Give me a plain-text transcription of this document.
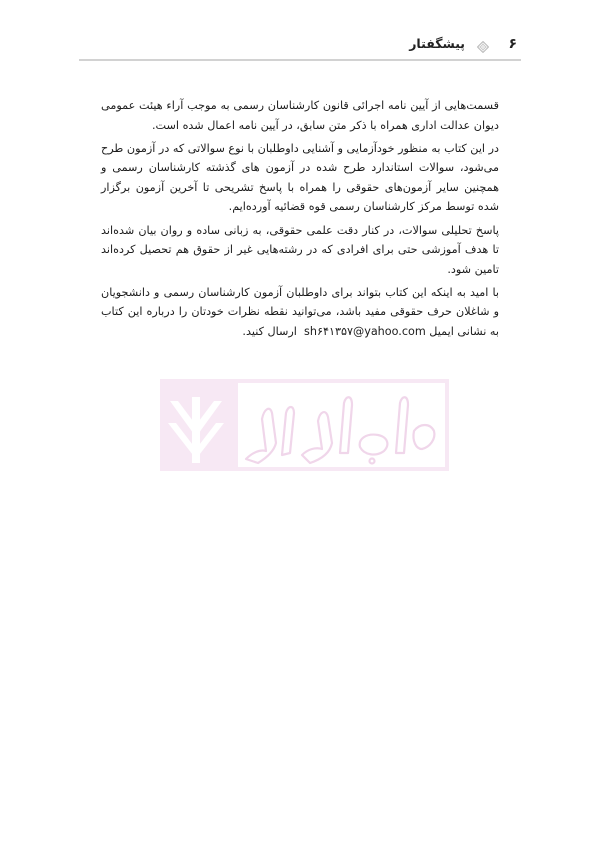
۶
پیشگفتار

قسمت‌هایی از آیین نامه اجرائی قانون کارشناسان رسمی به موجب آراء هیئت عمومی دیوان عدالت اداری همراه با ذکر متن سابق، در آیین نامه اعمال شده است.

در این کتاب به منظور خودآزمایی و آشنایی داوطلبان با نوع سوالاتی که در آزمون طرح می‌شود، سوالات استاندارد طرح شده در آزمون های گذشته کارشناسان رسمی و همچنین سایر آزمون‌های حقوقی را همراه با پاسخ تشریحی تا آخرین آزمون برگزار شده توسط مرکز کارشناسان رسمی قوه قضائیه آورده‌ایم.

پاسخ تحلیلی سوالات، در کنار دقت علمی حقوقی، به زبانی ساده و روان بیان شده‌اند تا هدف آموزشی حتی برای افرادی که در رشته‌هایی غیر از حقوق هم تحصیل کرده‌اند تامین شود.

با امید به اینکه این کتاب بتواند برای داوطلبان آزمون کارشناسان رسمی و دانشجویان و شاغلان حرف حقوقی مفید باشد، می‌توانید نقطه نظرات خودتان را درباره این کتاب به نشانی ایمیل sh۶۴۱۳۵۷@yahoo.com  ارسال کنید.
